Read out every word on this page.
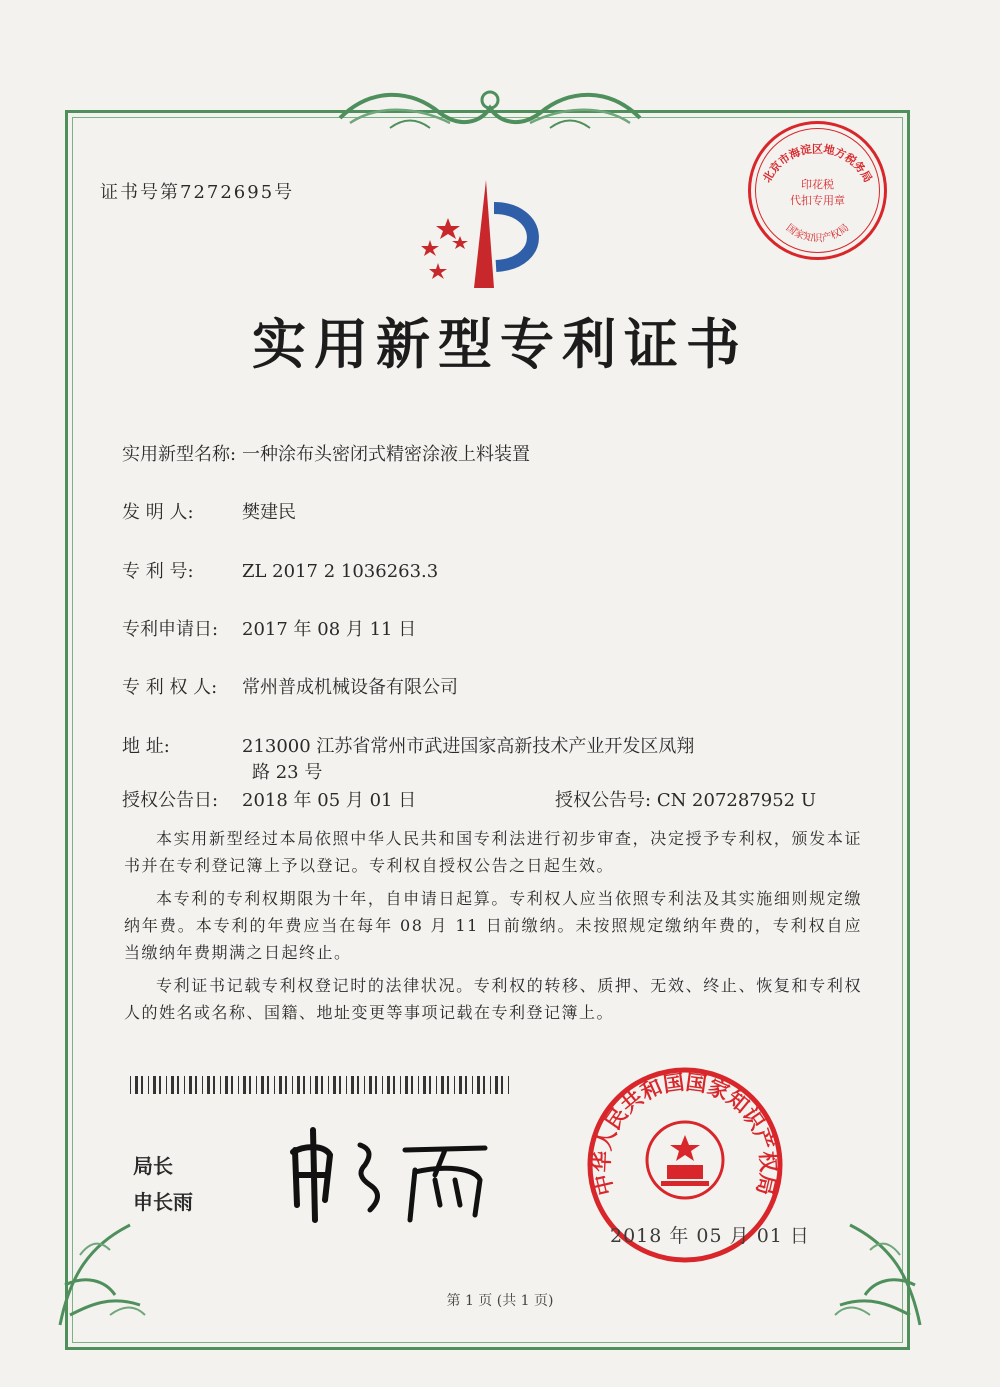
证书号第7272695号
北京市海淀区地方税务局
印花税
代扣专用章
国家知识产权局
实用新型专利证书
实用新型名称: 一种涂布头密闭式精密涂液上料装置
发 明 人:	樊建民
专 利 号:	ZL 2017 2 1036263.3
专利申请日: 2017 年 08 月 11 日
专 利 权 人: 常州普成机械设备有限公司
地 址:	213000 江苏省常州市武进国家高新技术产业开发区凤翔
路 23 号
授权公告日: 2018 年 05 月 01 日	授权公告号: CN 207287952 U
本实用新型经过本局依照中华人民共和国专利法进行初步审查，决定授予专利权，颁发本证书并在专利登记簿上予以登记。专利权自授权公告之日起生效。
本专利的专利权期限为十年，自申请日起算。专利权人应当依照专利法及其实施细则规定缴纳年费。本专利的年费应当在每年 08 月 11 日前缴纳。未按照规定缴纳年费的，专利权自应当缴纳年费期满之日起终止。
专利证书记载专利权登记时的法律状况。专利权的转移、质押、无效、终止、恢复和专利权人的姓名或名称、国籍、地址变更等事项记载在专利登记簿上。
局长
申长雨
中华人民共和国国家知识产权局
2018 年 05 月 01 日
第 1 页 (共 1 页)
